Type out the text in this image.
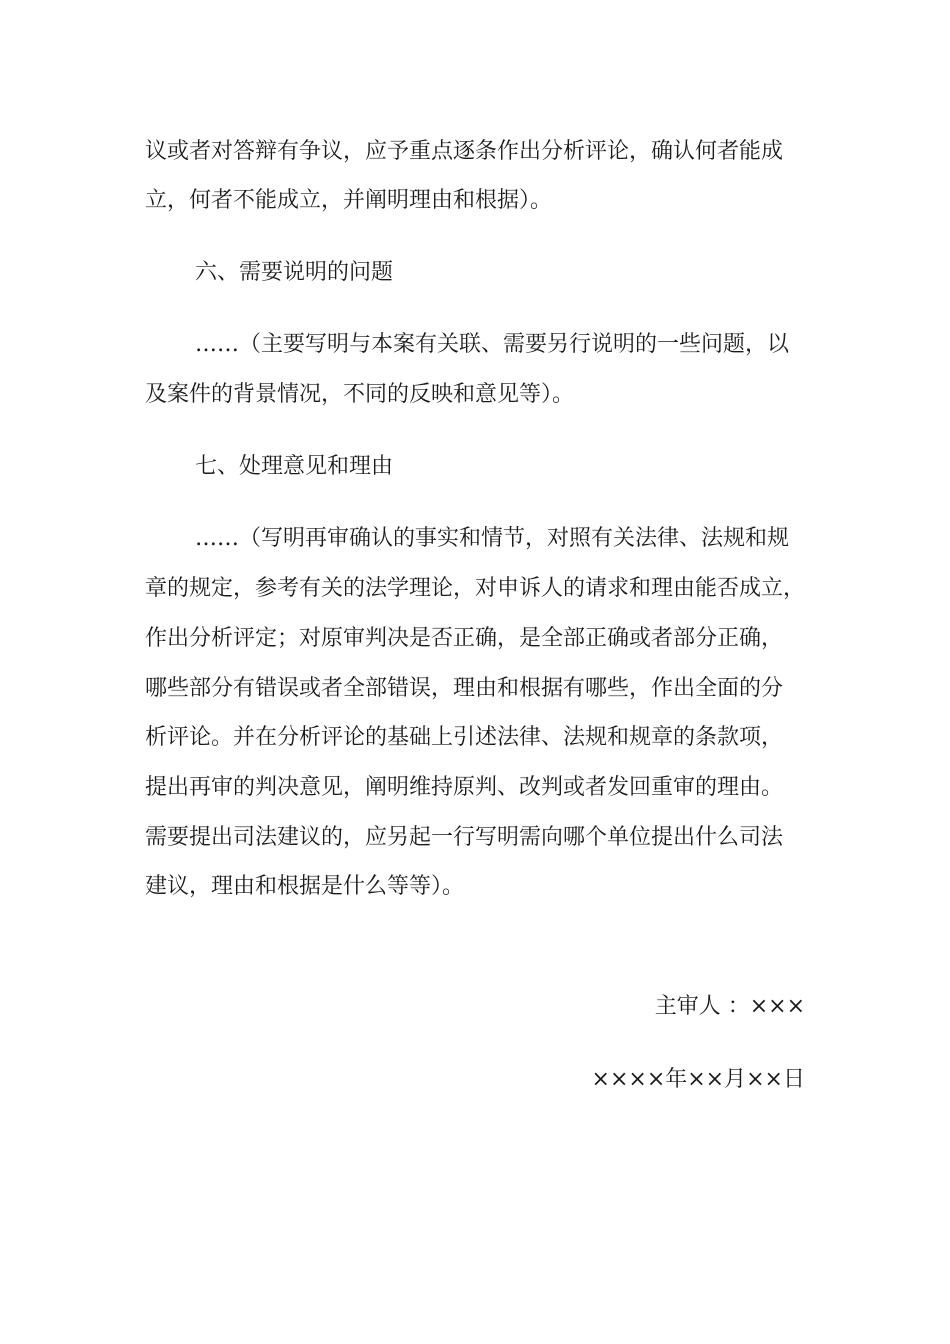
议或者对答辩有争议，应予重点逐条作出分析评论，确认何者能成
立，何者不能成立，并阐明理由和根据）。
六、需要说明的问题
……（主要写明与本案有关联、需要另行说明的一些问题，以
及案件的背景情况，不同的反映和意见等）。
七、处理意见和理由
……（写明再审确认的事实和情节，对照有关法律、法规和规
章的规定，参考有关的法学理论，对申诉人的请求和理由能否成立，
作出分析评定；对原审判决是否正确，是全部正确或者部分正确，
哪些部分有错误或者全部错误，理由和根据有哪些，作出全面的分
析评论。并在分析评论的基础上引述法律、法规和规章的条款项，
提出再审的判决意见，阐明维持原判、改判或者发回重审的理由。
需要提出司法建议的，应另起一行写明需向哪个单位提出什么司法
建议，理由和根据是什么等等）。
主审人 ：×××
××××年××月××日
